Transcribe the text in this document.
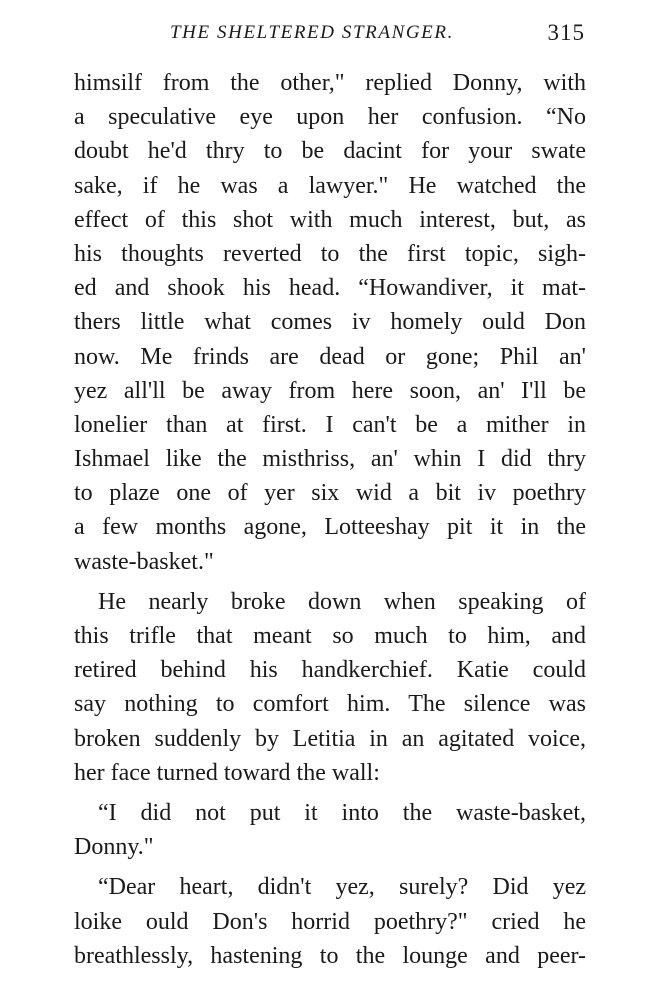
THE SHELTERED STRANGER.	315
himsilf from the other," replied Donny, with
a speculative eye upon her confusion. “No
doubt he'd thry to be dacint for your swate
sake, if he was a lawyer." He watched the
effect of this shot with much interest, but, as
his thoughts reverted to the first topic, sigh-
ed and shook his head. “Howandiver, it mat-
thers little what comes iv homely ould Don
now. Me frinds are dead or gone; Phil an'
yez all'll be away from here soon, an' I'll be
lonelier than at first. I can't be a mither in
Ishmael like the misthriss, an' whin I did thry
to plaze one of yer six wid a bit iv poethry
a few months agone, Lotteeshay pit it in the
waste-basket."
He nearly broke down when speaking of
this trifle that meant so much to him, and
retired behind his handkerchief. Katie could
say nothing to comfort him. The silence was
broken suddenly by Letitia in an agitated voice,
her face turned toward the wall:
“I did not put it into the waste-basket,
Donny."
“Dear heart, didn't yez, surely? Did yez
loike ould Don's horrid poethry?" cried he
breathlessly, hastening to the lounge and peer-
